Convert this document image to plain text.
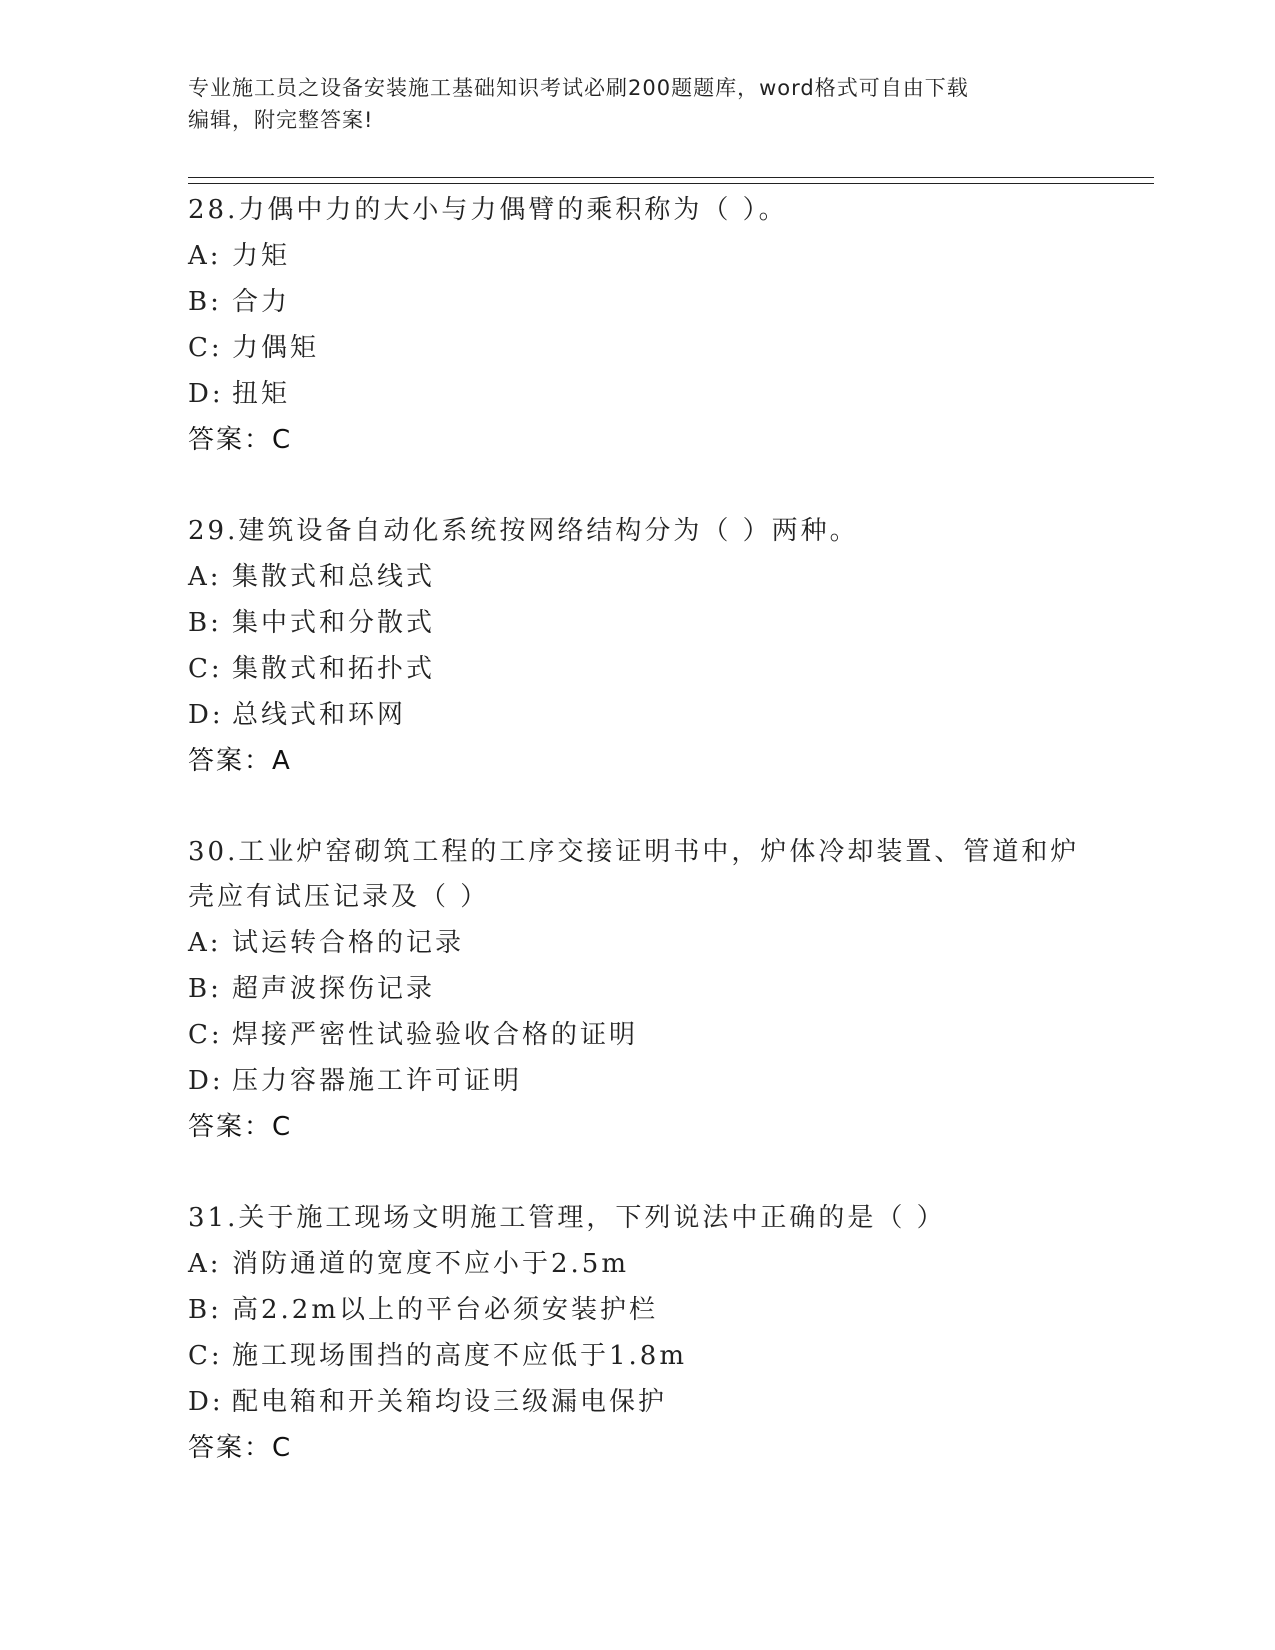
专业施工员之设备安装施工基础知识考试必刷200题题库，word格式可自由下载
编辑，附完整答案!
28.力偶中力的大小与力偶臂的乘积称为（ ）。
A: 力矩
B: 合力
C: 力偶矩
D: 扭矩
答案：C
29.建筑设备自动化系统按网络结构分为（ ）两种。
A: 集散式和总线式
B: 集中式和分散式
C: 集散式和拓扑式
D: 总线式和环网
答案：A
30.工业炉窑砌筑工程的工序交接证明书中，炉体冷却装置、管道和炉
壳应有试压记录及（ ）
A: 试运转合格的记录
B: 超声波探伤记录
C: 焊接严密性试验验收合格的证明
D: 压力容器施工许可证明
答案：C
31.关于施工现场文明施工管理，下列说法中正确的是（ ）
A: 消防通道的宽度不应小于2.5m
B: 高2.2m以上的平台必须安装护栏
C: 施工现场围挡的高度不应低于1.8m
D: 配电箱和开关箱均设三级漏电保护
答案：C
